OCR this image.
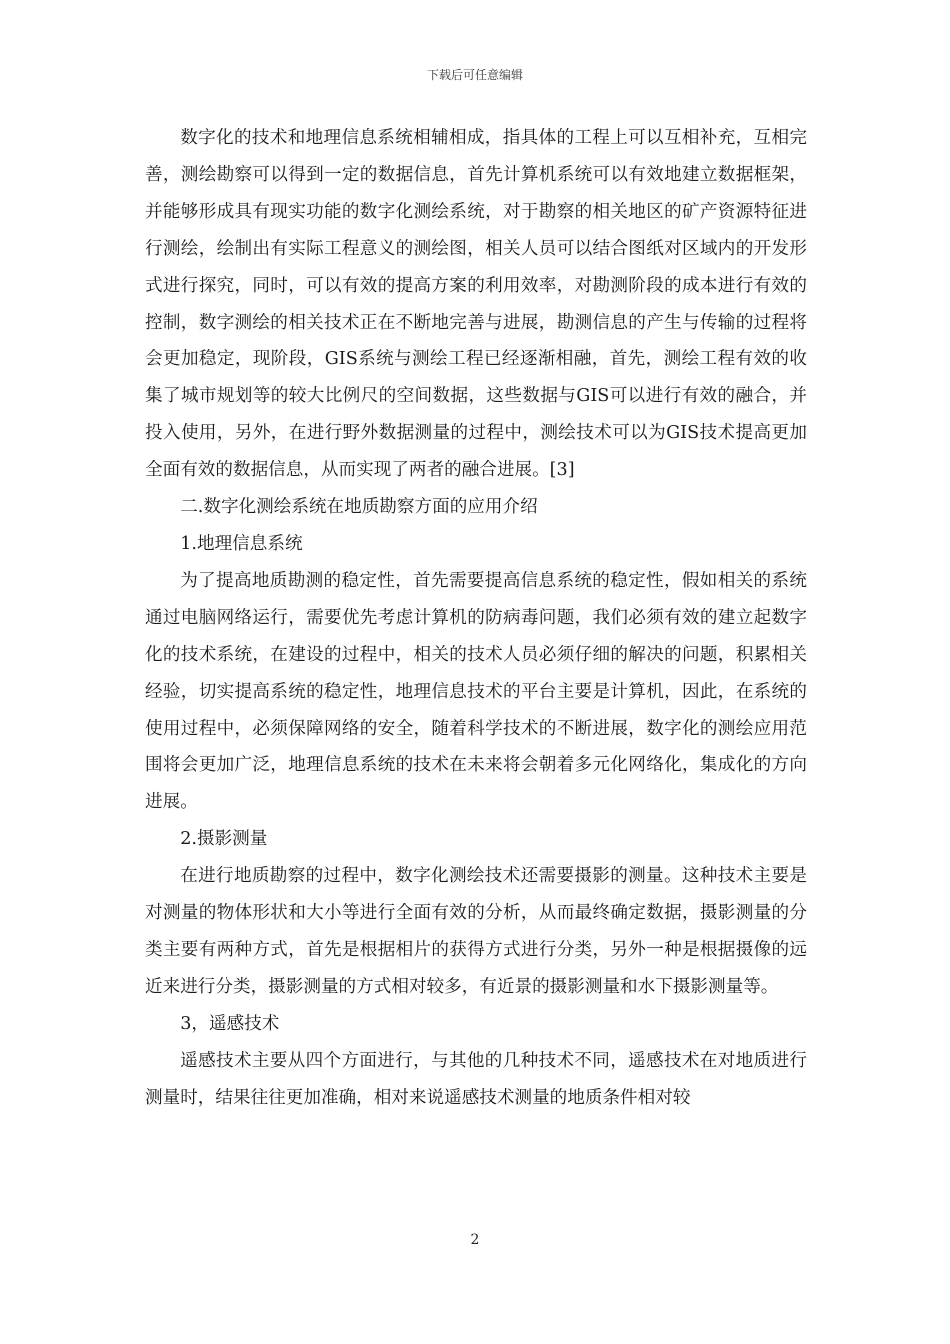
下载后可任意编辑

数字化的技术和地理信息系统相辅相成，指具体的工程上可以互相补充，互相完善，测绘勘察可以得到一定的数据信息，首先计算机系统可以有效地建立数据框架，并能够形成具有现实功能的数字化测绘系统，对于勘察的相关地区的矿产资源特征进行测绘，绘制出有实际工程意义的测绘图，相关人员可以结合图纸对区域内的开发形式进行探究，同时，可以有效的提高方案的利用效率，对勘测阶段的成本进行有效的控制，数字测绘的相关技术正在不断地完善与进展，勘测信息的产生与传输的过程将会更加稳定，现阶段，GIS系统与测绘工程已经逐渐相融，首先，测绘工程有效的收集了城市规划等的较大比例尺的空间数据，这些数据与GIS可以进行有效的融合，并投入使用，另外，在进行野外数据测量的过程中，测绘技术可以为GIS技术提高更加全面有效的数据信息，从而实现了两者的融合进展。[3]

二.数字化测绘系统在地质勘察方面的应用介绍

1.地理信息系统

为了提高地质勘测的稳定性，首先需要提高信息系统的稳定性，假如相关的系统通过电脑网络运行，需要优先考虑计算机的防病毒问题，我们必须有效的建立起数字化的技术系统，在建设的过程中，相关的技术人员必须仔细的解决的问题，积累相关经验，切实提高系统的稳定性，地理信息技术的平台主要是计算机，因此，在系统的使用过程中，必须保障网络的安全，随着科学技术的不断进展，数字化的测绘应用范围将会更加广泛，地理信息系统的技术在未来将会朝着多元化网络化，集成化的方向进展。

2.摄影测量

在进行地质勘察的过程中，数字化测绘技术还需要摄影的测量。这种技术主要是对测量的物体形状和大小等进行全面有效的分析，从而最终确定数据，摄影测量的分类主要有两种方式，首先是根据相片的获得方式进行分类，另外一种是根据摄像的远近来进行分类，摄影测量的方式相对较多，有近景的摄影测量和水下摄影测量等。

3，遥感技术

遥感技术主要从四个方面进行，与其他的几种技术不同，遥感技术在对地质进行测量时，结果往往更加准确，相对来说遥感技术测量的地质条件相对较

2
